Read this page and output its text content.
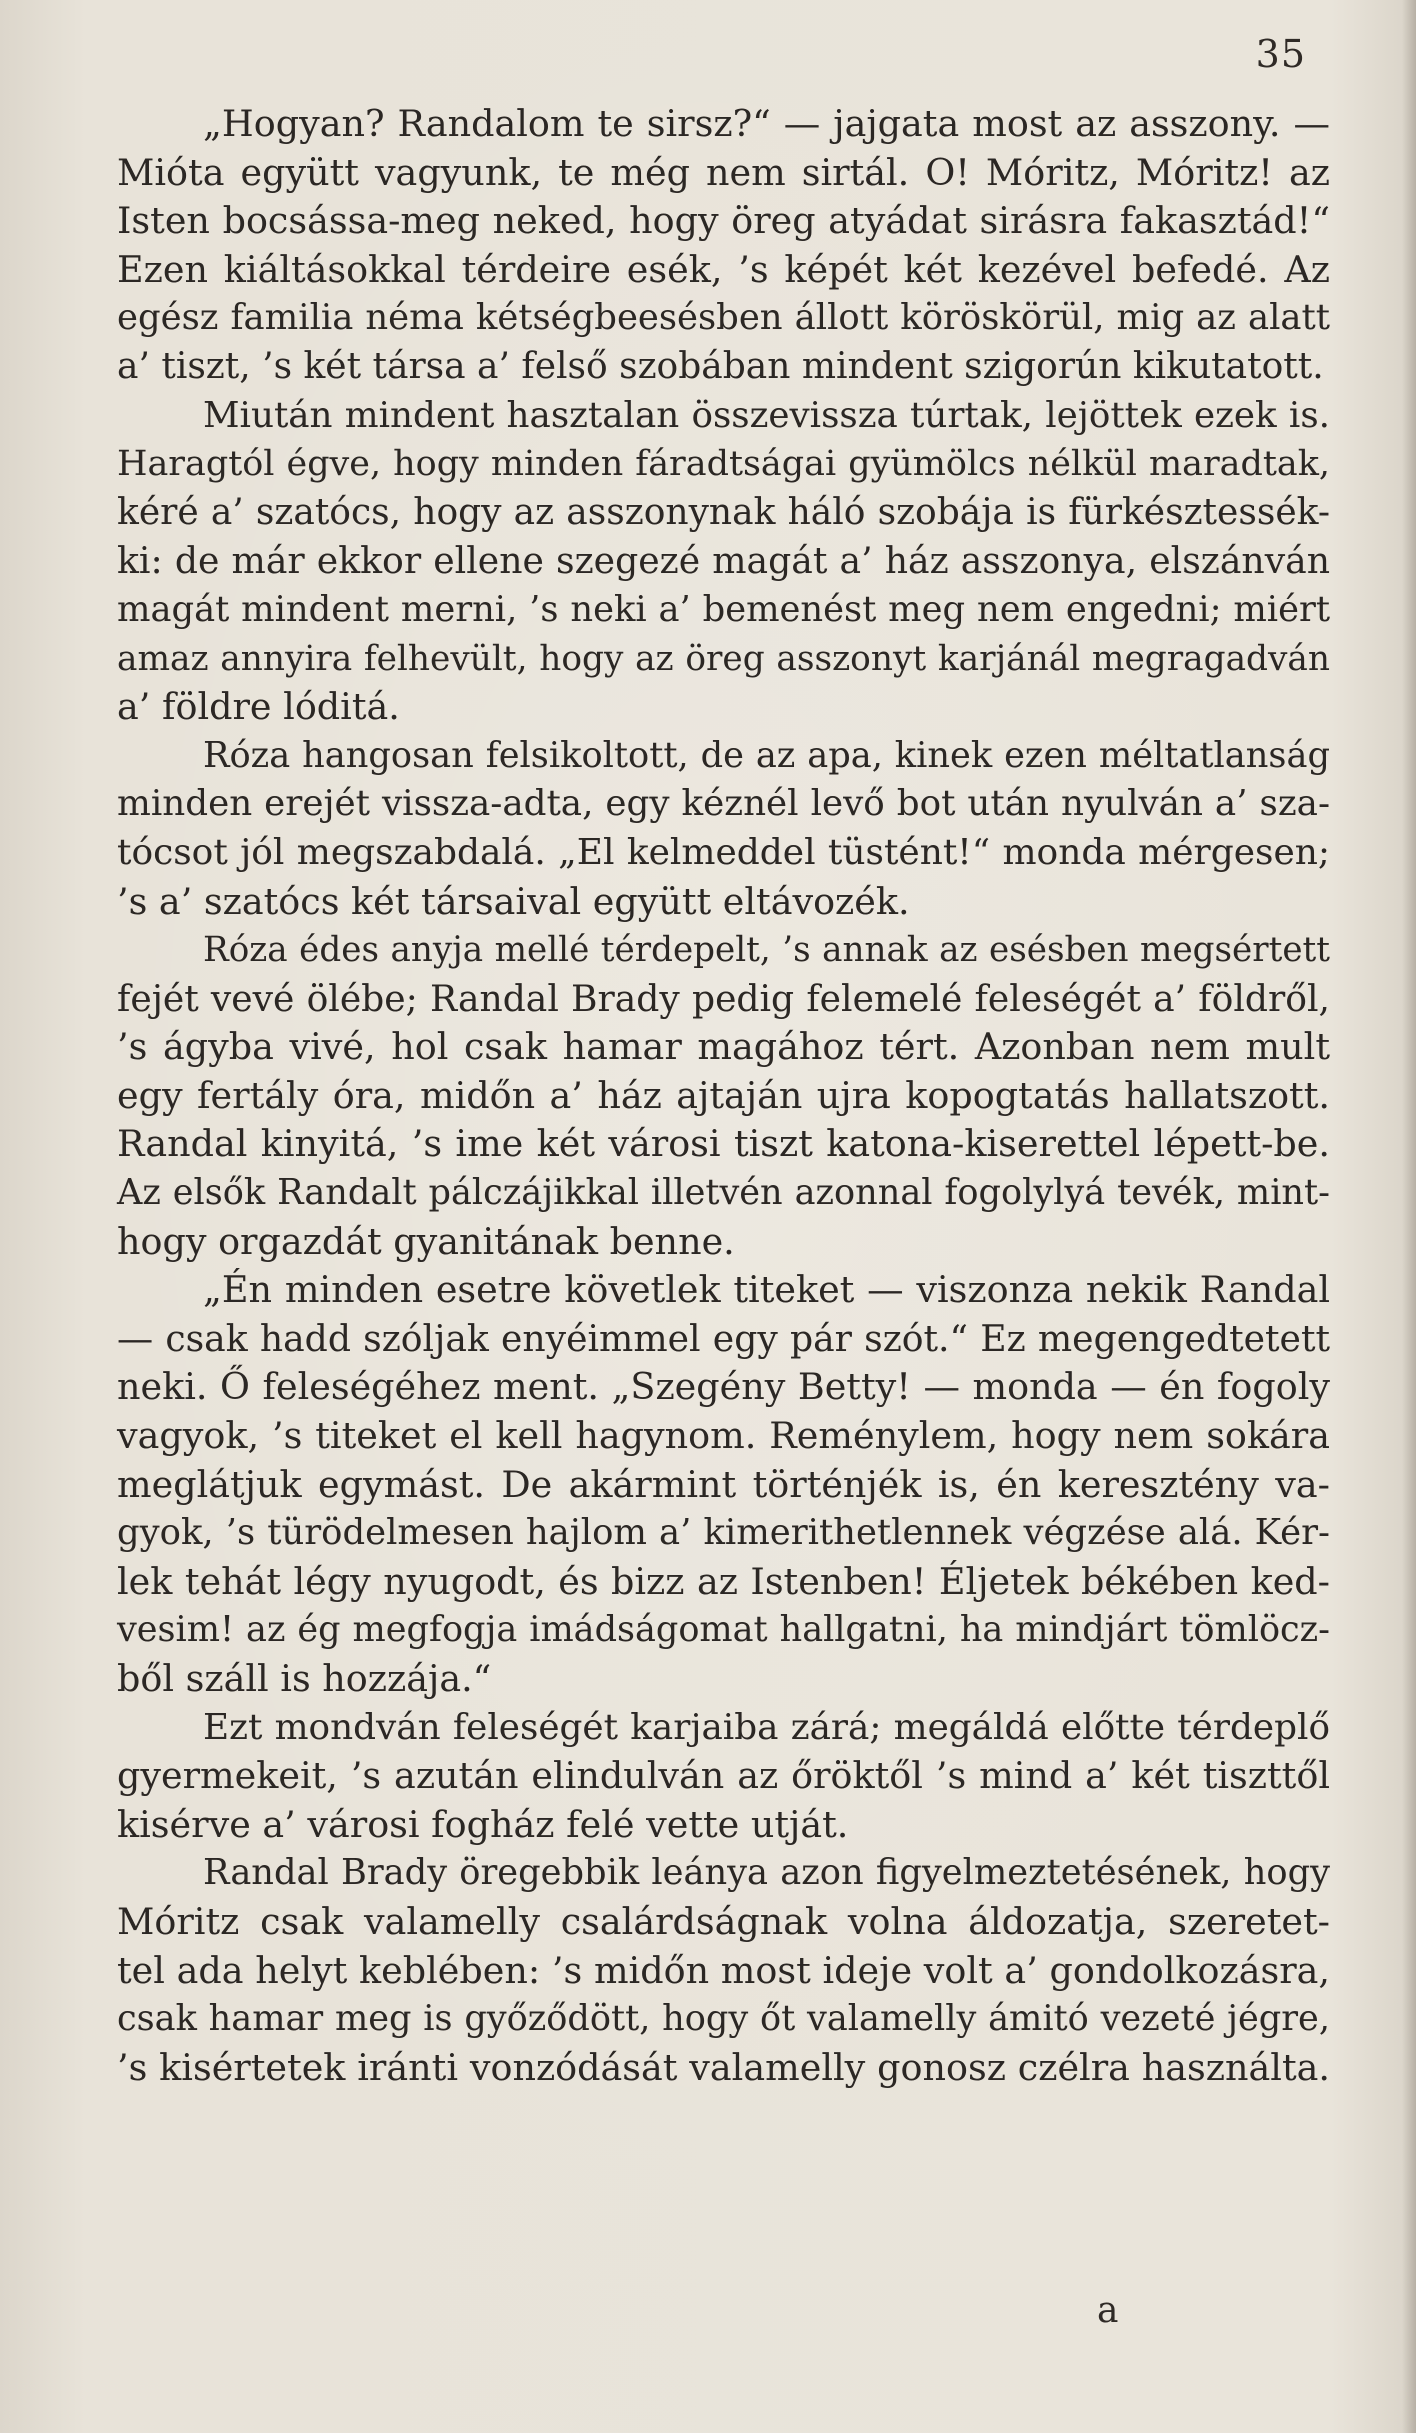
35
„Hogyan? Randalom te sirsz?“ — jajgata most az asszony. —
Mióta együtt vagyunk, te még nem sirtál. O! Móritz, Móritz! az
Isten bocsássa-meg neked, hogy öreg atyádat sirásra fakasztád!“
Ezen kiáltásokkal térdeire esék, ’s képét két kezével befedé. Az
egész familia néma kétségbeesésben állott köröskörül, mig az alatt
a’ tiszt, ’s két társa a’ felső szobában mindent szigorún kikutatott.
Miután mindent hasztalan összevissza túrtak, lejöttek ezek is.
Haragtól égve, hogy minden fáradtságai gyümölcs nélkül maradtak,
kéré a’ szatócs, hogy az asszonynak háló szobája is fürkésztessék-
ki: de már ekkor ellene szegezé magát a’ ház asszonya, elszánván
magát mindent merni, ’s neki a’ bemenést meg nem engedni; miért
amaz annyira felhevült, hogy az öreg asszonyt karjánál megragadván
a’ földre lóditá.
Róza hangosan felsikoltott, de az apa, kinek ezen méltatlanság
minden erejét vissza-adta, egy kéznél levő bot után nyulván a’ sza-
tócsot jól megszabdalá. „El kelmeddel tüstént!“ monda mérgesen;
’s a’ szatócs két társaival együtt eltávozék.
Róza édes anyja mellé térdepelt, ’s annak az esésben megsértett
fejét vevé ölébe; Randal Brady pedig felemelé feleségét a’ földről,
’s ágyba vivé, hol csak hamar magához tért. Azonban nem mult
egy fertály óra, midőn a’ ház ajtaján ujra kopogtatás hallatszott.
Randal kinyitá, ’s ime két városi tiszt katona-kiserettel lépett-be.
Az elsők Randalt pálczájikkal illetvén azonnal fogolylyá tevék, mint-
hogy orgazdát gyanitának benne.
„Én minden esetre követlek titeket — viszonza nekik Randal
— csak hadd szóljak enyéimmel egy pár szót.“ Ez megengedtetett
neki. Ő feleségéhez ment. „Szegény Betty! — monda — én fogoly
vagyok, ’s titeket el kell hagynom. Reménylem, hogy nem sokára
meglátjuk egymást. De akármint történjék is, én keresztény va-
gyok, ’s türödelmesen hajlom a’ kimerithetlennek végzése alá. Kér-
lek tehát légy nyugodt, és bizz az Istenben! Éljetek békében ked-
vesim! az ég megfogja imádságomat hallgatni, ha mindjárt tömlöcz-
ből száll is hozzája.“
Ezt mondván feleségét karjaiba zárá; megáldá előtte térdeplő
gyermekeit, ’s azután elindulván az őröktől ’s mind a’ két tiszttől
kisérve a’ városi fogház felé vette utját.
Randal Brady öregebbik leánya azon figyelmeztetésének, hogy
Móritz csak valamelly csalárdságnak volna áldozatja, szeretet-
tel ada helyt keblében: ’s midőn most ideje volt a’ gondolkozásra,
csak hamar meg is győződött, hogy őt valamelly ámitó vezeté jégre,
’s kisértetek iránti vonzódását valamelly gonosz czélra használta.
a
